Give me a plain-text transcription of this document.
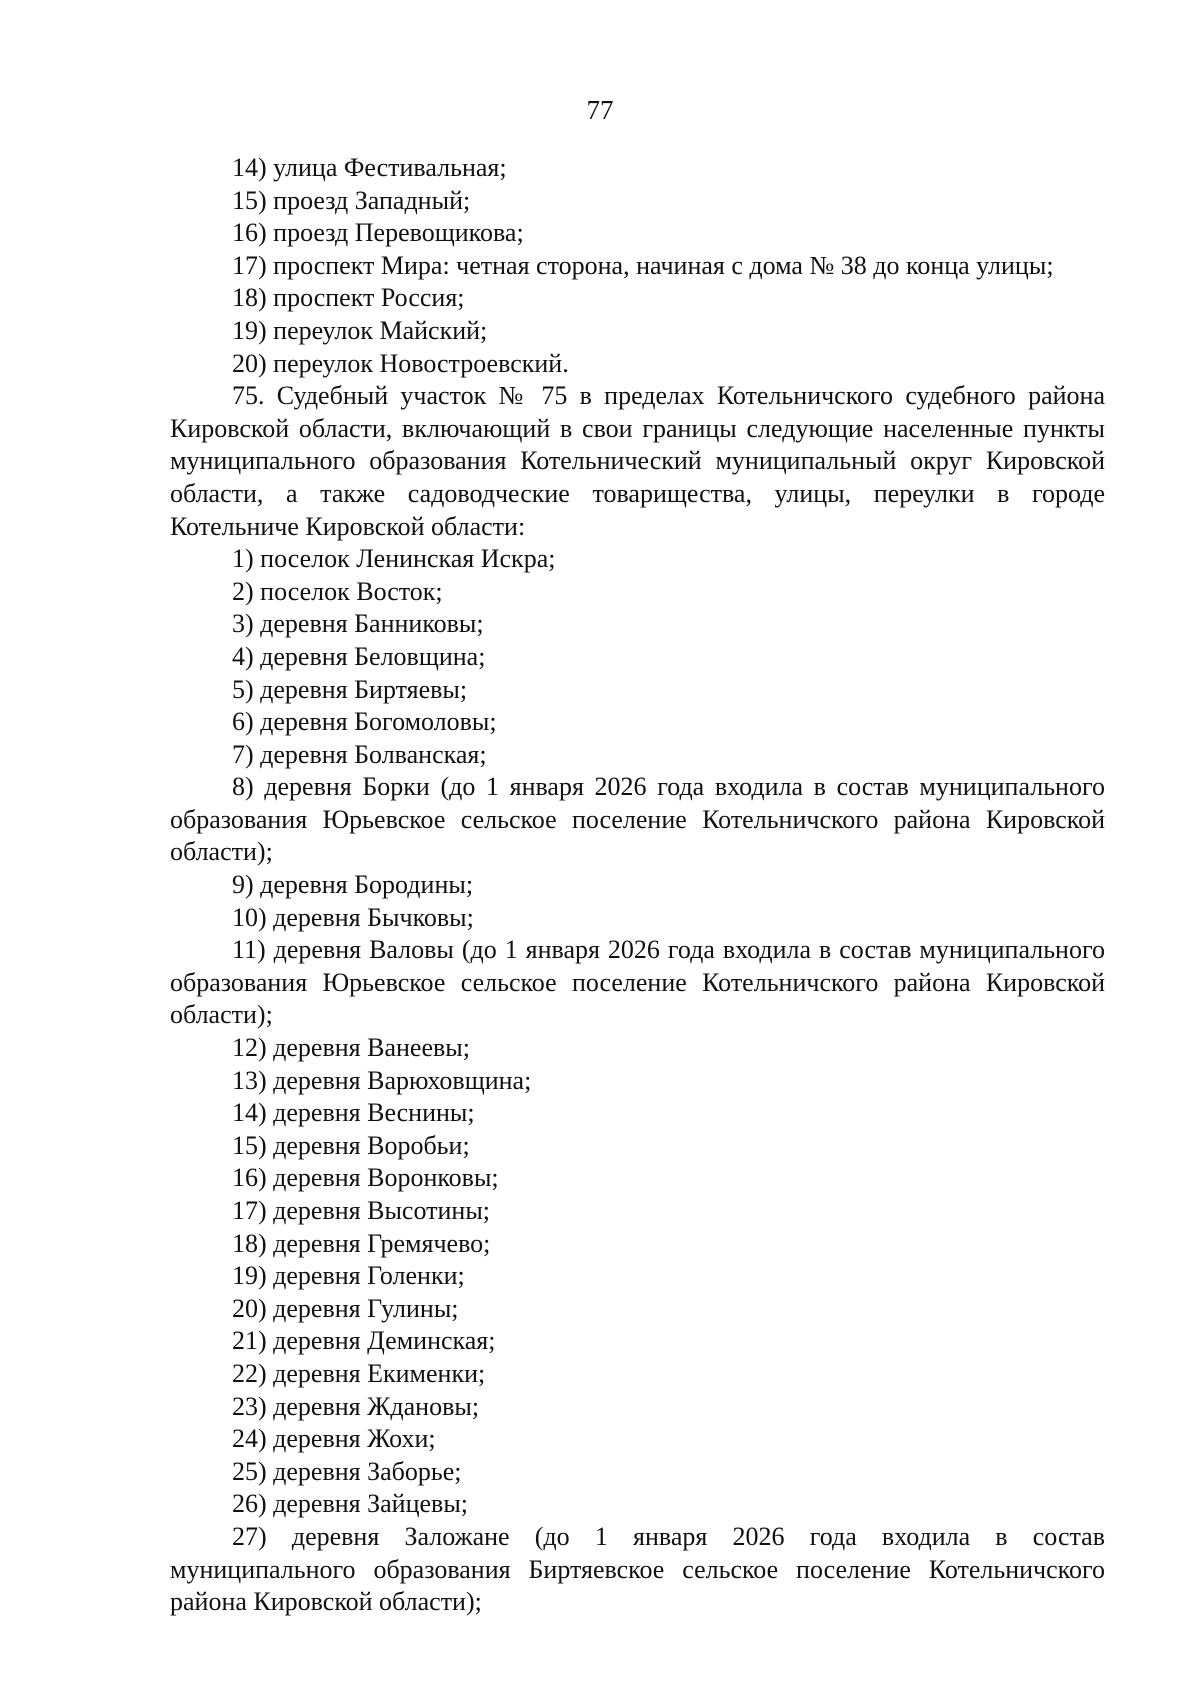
77

14) улица Фестивальная;

15) проезд Западный;

16) проезд Перевощикова;

17) проспект Мира: четная сторона, начиная с дома № 38 до конца улицы;

18) проспект Россия;

19) переулок Майский;

20) переулок Новостроевский.

75. Судебный участок № 75 в пределах Котельничского судебного района Кировской области, включающий в свои границы следующие населенные пункты муниципального образования Котельнический муниципальный округ Кировской области, а также садоводческие товарищества, улицы, переулки в городе Котельниче Кировской области:

1) поселок Ленинская Искра;

2) поселок Восток;

3) деревня Банниковы;

4) деревня Беловщина;

5) деревня Биртяевы;

6) деревня Богомоловы;

7) деревня Болванская;

8) деревня Борки (до 1 января 2026 года входила в состав муниципального образования Юрьевское сельское поселение Котельничского района Кировской области);

9) деревня Бородины;

10) деревня Бычковы;

11) деревня Валовы (до 1 января 2026 года входила в состав муниципального образования Юрьевское сельское поселение Котельничского района Кировской области);

12) деревня Ванеевы;

13) деревня Варюховщина;

14) деревня Веснины;

15) деревня Воробьи;

16) деревня Воронковы;

17) деревня Высотины;

18) деревня Гремячево;

19) деревня Голенки;

20) деревня Гулины;

21) деревня Деминская;

22) деревня Екименки;

23) деревня Ждановы;

24) деревня Жохи;

25) деревня Заборье;

26) деревня Зайцевы;

27) деревня Заложане (до 1 января 2026 года входила в состав муниципального образования Биртяевское сельское поселение Котельничского района Кировской области);
